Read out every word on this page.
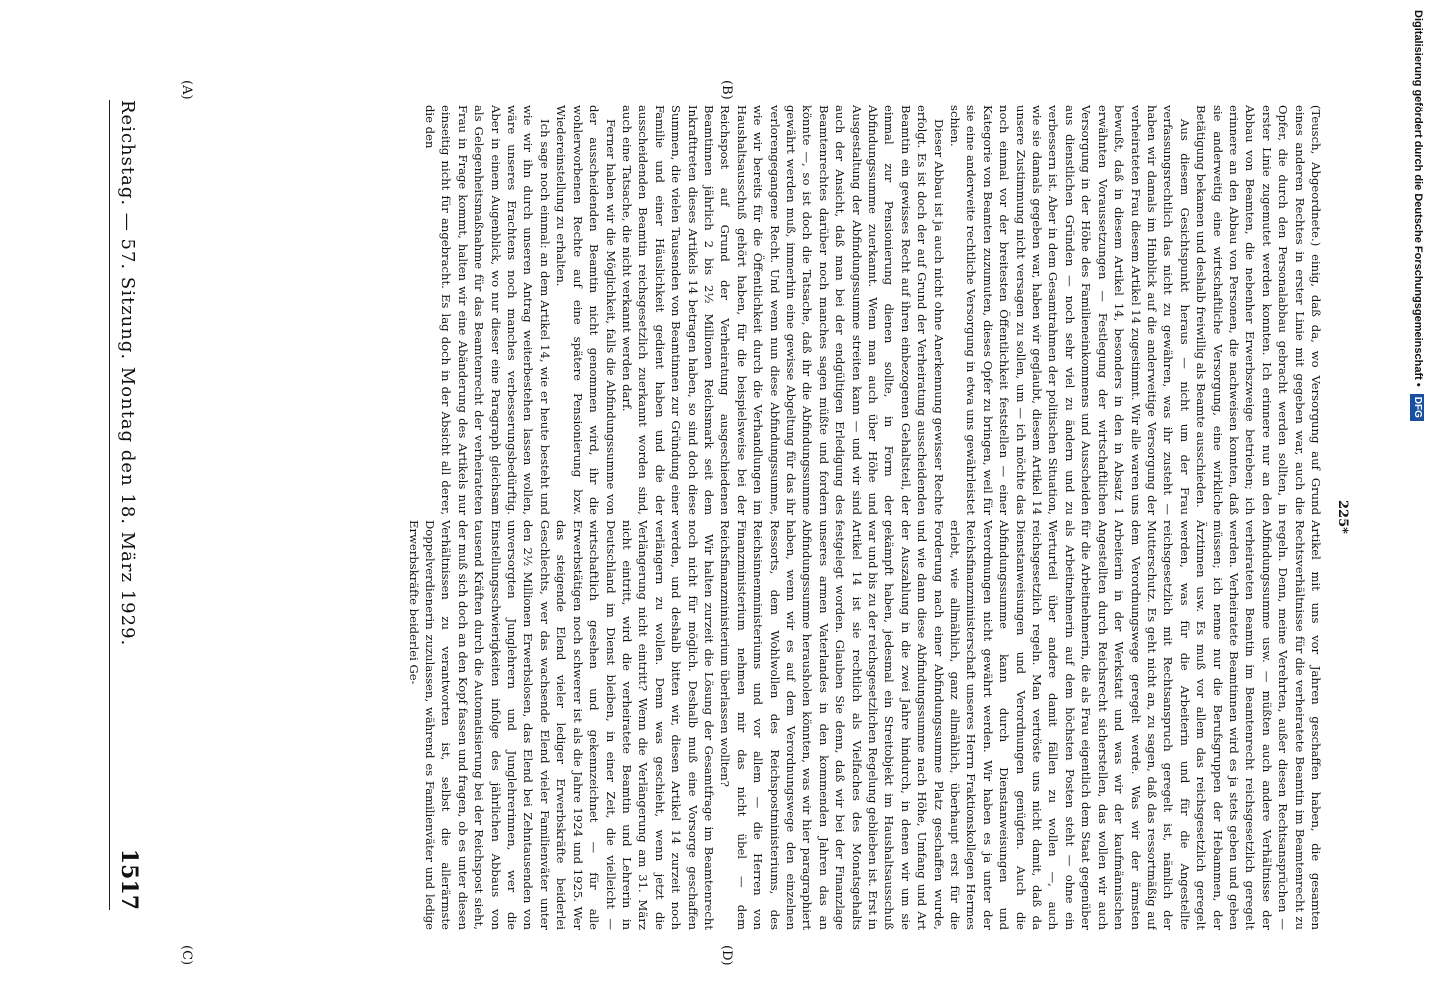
Reichstag. — 57. Sitzung. Montag den 18. März 1929.
1517
(A)	(B)
(C)	(D)

(Teusch, Abgeordnete.) einig, daß da, wo Versorgung auf Grund eines anderen Rechtes in erster Linie mit gegeben war, auch die Opfer, die durch den Personalabbau gebracht werden sollten, in erster Linie zugemutet werden konnten. Ich erinnere nur an den Abbau von Beamten, die nebenher Erwerbszweige betrieben; ich erinnere an den Abbau von Personen, die nachweisen konnten, daß sie anderweitig eine wirtschaftliche Versorgung, eine wirkliche Betätigung bekamen und deshalb freiwillig als Beamte ausschieden.

Aus diesem Gesichtspunkt heraus — nicht um der Frau verfassungsrechtlich das nicht zu gewähren, was ihr zusteht — haben wir damals im Hinblick auf die anderweitige Versorgung der verheirateten Frau diesem Artikel 14 zugestimmt. Wir alle waren uns bewußt, daß in diesem Artikel 14, besonders in den in Absatz 1 erwähnten Voraussetzungen — Festlegung der wirtschaftlichen Versorgung in der Höhe des Familieneinkommens und Ausscheiden aus dienstlichen Gründen — noch sehr viel zu ändern und zu verbessern ist. Aber in dem Gesamtrahmen der politischen Situation, wie sie damals gegeben war, haben wir geglaubt, diesem Artikel 14 unsere Zustimmung nicht versagen zu sollen, um — ich möchte das noch einmal vor der breitesten Öffentlichkeit feststellen — einer Kategorie von Beamten zuzumuten, dieses Opfer zu bringen, weil für sie eine anderweite rechtliche Versorgung in etwa uns gewährleistet schien.

Dieser Abbau ist ja auch nicht ohne Anerkennung gewisser Rechte erfolgt. Es ist doch der auf Grund der Verheiratung ausscheidenden Beamtin ein gewisses Recht auf ihren einbezogenen Gehaltsteil, der einmal zur Pensionierung dienen sollte, in Form der Abfindungssumme zuerkannt. Wenn man auch über Höhe und Ausgestaltung der Abfindungssumme streiten kann — und wir sind auch der Ansicht, daß man bei der endgültigen Erledigung des Beamtenrechtes darüber noch manches sagen müßte und fordern könnte —, so ist doch die Tatsache, daß ihr die Abfindungssumme gewährt werden muß, immerhin eine gewisse Abgeltung für das ihr verlorengegangene Recht. Und wenn nun diese Abfindungssumme, wie wir bereits für die Öffentlichkeit durch die Verhandlungen im Haushaltsausschuß gehört haben, für die beispielsweise bei der Reichspost auf Grund der Verheiratung ausgeschiedenen Beamtinnen jährlich 2 bis 2½ Millionen Reichsmark seit dem Inkrafttreten dieses Artikels 14 betragen haben, so sind doch diese Summen, die vielen Tausenden von Beamtinnen zur Gründung einer Familie und einer Häuslichkeit gedient haben und die der ausscheidenden Beamtin reichsgesetzlich zuerkannt worden sind, auch eine Tatsache, die nicht verkannt werden darf.

Ferner haben wir die Möglichkeit, falls die Abfindungssumme von der ausscheidenden Beamtin nicht genommen wird, ihr die wohlerworbenen Rechte auf eine spätere Pensionierung bzw. Wiedereinstellung zu erhalten.

Ich sage noch einmal: an dem Artikel 14, wie er heute besteht und wie wir ihn durch unseren Antrag weiterbestehen lassen wollen, wäre unseres Erachtens noch manches verbesserungsbedürftig. Aber in einem Augenblick, wo nur dieser eine Paragraph gleichsam als Gelegenheitsmaßnahme für das Beamtenrecht der verheirateten Frau in Frage kommt, halten wir eine Abänderung des Artikels nur einseitig nicht für angebracht. Es lag doch in der Absicht all derer, die den

Artikel mit uns vor Jahren geschaffen haben, die gesamten Rechtsverhältnisse für die verheiratete Beamtin im Beamtenrecht zu regeln. Denn, meine Verehrten, außer diesen Rechtsansprüchen — Abfindungssumme usw. — müßten auch andere Verhältnisse der verheirateten Beamtin im Beamtenrecht reichsgesetzlich geregelt werden. Verheiratete Beamtinnen wird es ja stets geben und geben müssen; ich nenne nur die Berufsgruppen der Hebammen, der Ärztinnen usw. Es muß vor allem das reichsgesetzlich geregelt werden, was für die Arbeiterin und für die Angestellte reichsgesetzlich mit Rechtsanspruch geregelt ist, nämlich der Mutterschutz. Es geht nicht an, zu sagen, daß das ressortmäßig auf dem Verordnungswege geregelt werde. Was wir der ärmsten Arbeiterin in der Werkstatt und was wir der kaufmännischen Angestellten durch Reichsrecht sicherstellen, das wollen wir auch für die Arbeitnehmerin, die als Frau eigentlich dem Staat gegenüber als Arbeitnehmerin auf dem höchsten Posten steht — ohne ein Werturteil über andere damit fällen zu wollen —, auch reichsgesetzlich regeln. Man vertröste uns nicht damit, daß da Dienstanweisungen und Verordnungen genügten. Auch die Abfindungssumme kann durch Dienstanweisungen und Verordnungen nicht gewährt werden. Wir haben es ja unter der Reichsfinanzministerschaft unseres Herrn Fraktionskollegen Hermes erlebt, wie allmählich, ganz allmählich, überhaupt erst für die Forderung nach einer Abfindungssumme Platz geschaffen wurde, und wie dann diese Abfindungssumme nach Höhe, Umfang und Art der Auszahlung in die zwei Jahre hindurch, in denen wir um sie gekämpft haben, jedesmal ein Streitobjekt im Haushaltsausschuß war und bis zu der reichsgesetzlichen Regelung geblieben ist. Erst in Artikel 14 ist sie rechtlich als Vielfaches des Monatsgehalts festgelegt worden. Glauben Sie denn, daß wir bei der Finanzlage unseres armen Vaterlandes in den kommenden Jahren das an Abfindungssumme herausholen könnten, was wir hier paragraphiert haben, wenn wir es auf dem Verordnungswege den einzelnen Ressorts, dem Wohlwollen des Reichspostministeriums, des Reichsinnenministeriums und vor allem — die Herren von Finanzministerium nehmen mir das nicht übel — dem Reichsfinanzministerium überlassen wollten?

Wir halten zurzeit die Lösung der Gesamtfrage im Beamtenrecht noch nicht für möglich. Deshalb muß eine Vorsorge geschaffen werden, und deshalb bitten wir, diesen Artikel 14 zurzeit noch verlängern zu wollen. Denn was geschieht, wenn jetzt die Verlängerung nicht eintritt? Wenn die Verlängerung am 31. März nicht eintritt, wird die verheiratete Beamtin und Lehrerin in Deutschland im Dienst bleiben, in einer Zeit, die vielleicht — wirtschaftlich gesehen und gekennzeichnet — für alle Erwerbstätigen noch schwerer ist als die Jahre 1924 und 1925. Wer das steigende Elend vieler lediger Erwerbskräfte beiderlei Geschlechts, wer das wachsende Elend vieler Familienväter unter den 2½ Millionen Erwerbslosen, das Elend bei Zehntausenden von unversorgten Junglehrern und Junglehrerinnen, wer die Einstellungsschwierigkeiten infolge des jährlichen Abbaus von tausend Kräften durch die Automatisierung bei der Reichspost sieht, der muß sich doch an den Kopf fassen und fragen, ob es unter diesen Verhältnissen zu verantworten ist, selbst die allerärmste Doppelverdienerin zuzulassen, während es Familienväter und ledige Erwerbskräfte beiderlei Ge-

225*
Digitalisierung gefördert durch die Deutsche Forschungsgemeinschaft • DFG
